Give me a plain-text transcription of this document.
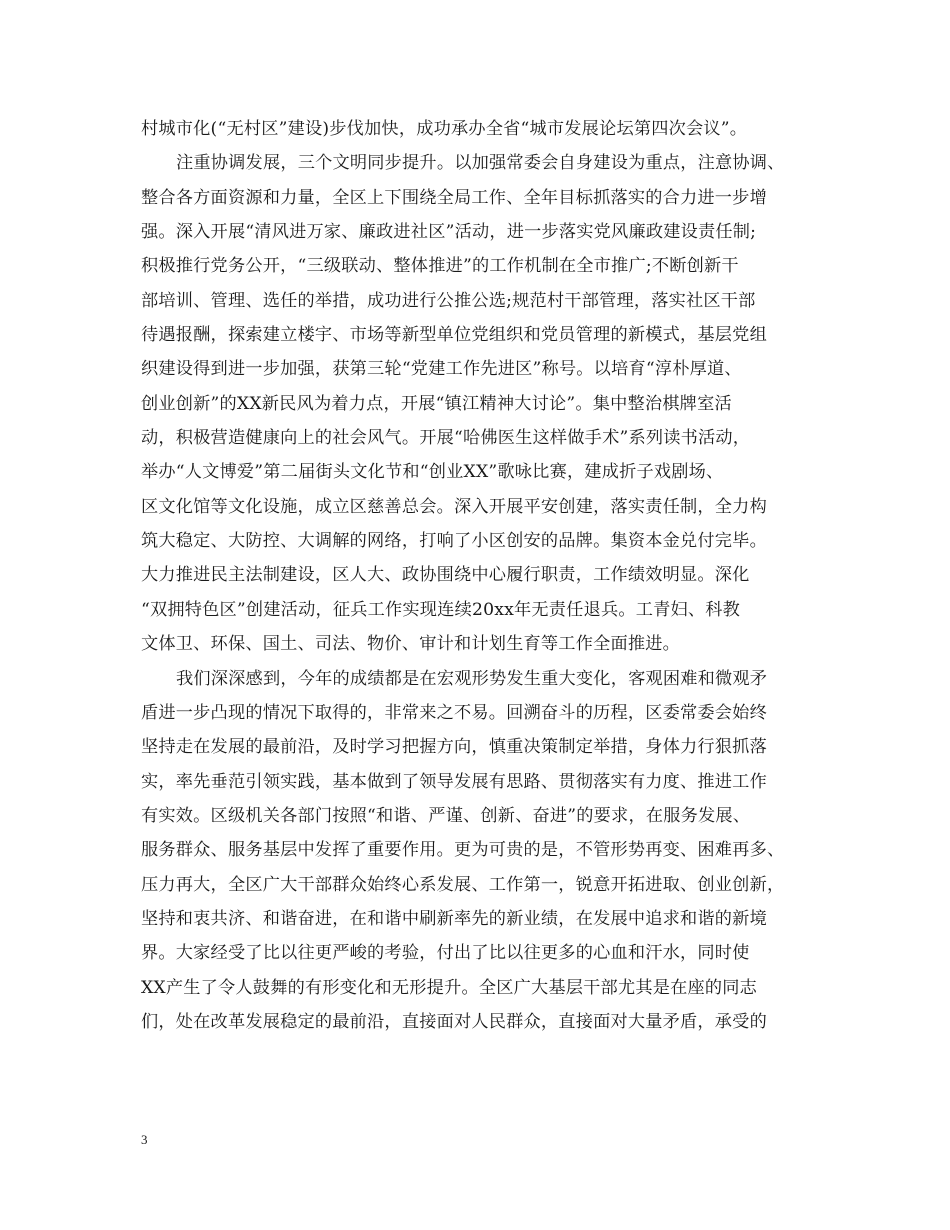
村城市化(“无村区”建设)步伐加快，成功承办全省“城市发展论坛第四次会议”。
注重协调发展，三个文明同步提升。以加强常委会自身建设为重点，注意协调、
整合各方面资源和力量，全区上下围绕全局工作、全年目标抓落实的合力进一步增
强。深入开展“清风进万家、廉政进社区”活动，进一步落实党风廉政建设责任制;
积极推行党务公开，“三级联动、整体推进”的工作机制在全市推广;不断创新干
部培训、管理、选任的举措，成功进行公推公选;规范村干部管理，落实社区干部
待遇报酬，探索建立楼宇、市场等新型单位党组织和党员管理的新模式，基层党组
织建设得到进一步加强，获第三轮“党建工作先进区”称号。以培育“淳朴厚道、
创业创新”的XX新民风为着力点，开展“镇江精神大讨论”。集中整治棋牌室活
动，积极营造健康向上的社会风气。开展“哈佛医生这样做手术”系列读书活动，
举办“人文博爱”第二届街头文化节和“创业XX”歌咏比赛，建成折子戏剧场、
区文化馆等文化设施，成立区慈善总会。深入开展平安创建，落实责任制，全力构
筑大稳定、大防控、大调解的网络，打响了小区创安的品牌。集资本金兑付完毕。
大力推进民主法制建设，区人大、政协围绕中心履行职责，工作绩效明显。深化
“双拥特色区”创建活动，征兵工作实现连续20xx年无责任退兵。工青妇、科教
文体卫、环保、国土、司法、物价、审计和计划生育等工作全面推进。
我们深深感到，今年的成绩都是在宏观形势发生重大变化，客观困难和微观矛
盾进一步凸现的情况下取得的，非常来之不易。回溯奋斗的历程，区委常委会始终
坚持走在发展的最前沿，及时学习把握方向，慎重决策制定举措，身体力行狠抓落
实，率先垂范引领实践，基本做到了领导发展有思路、贯彻落实有力度、推进工作
有实效。区级机关各部门按照“和谐、严谨、创新、奋进”的要求，在服务发展、
服务群众、服务基层中发挥了重要作用。更为可贵的是，不管形势再变、困难再多、
压力再大，全区广大干部群众始终心系发展、工作第一，锐意开拓进取、创业创新，
坚持和衷共济、和谐奋进，在和谐中刷新率先的新业绩，在发展中追求和谐的新境
界。大家经受了比以往更严峻的考验，付出了比以往更多的心血和汗水，同时使
XX产生了令人鼓舞的有形变化和无形提升。全区广大基层干部尤其是在座的同志
们，处在改革发展稳定的最前沿，直接面对人民群众，直接面对大量矛盾，承受的
3
